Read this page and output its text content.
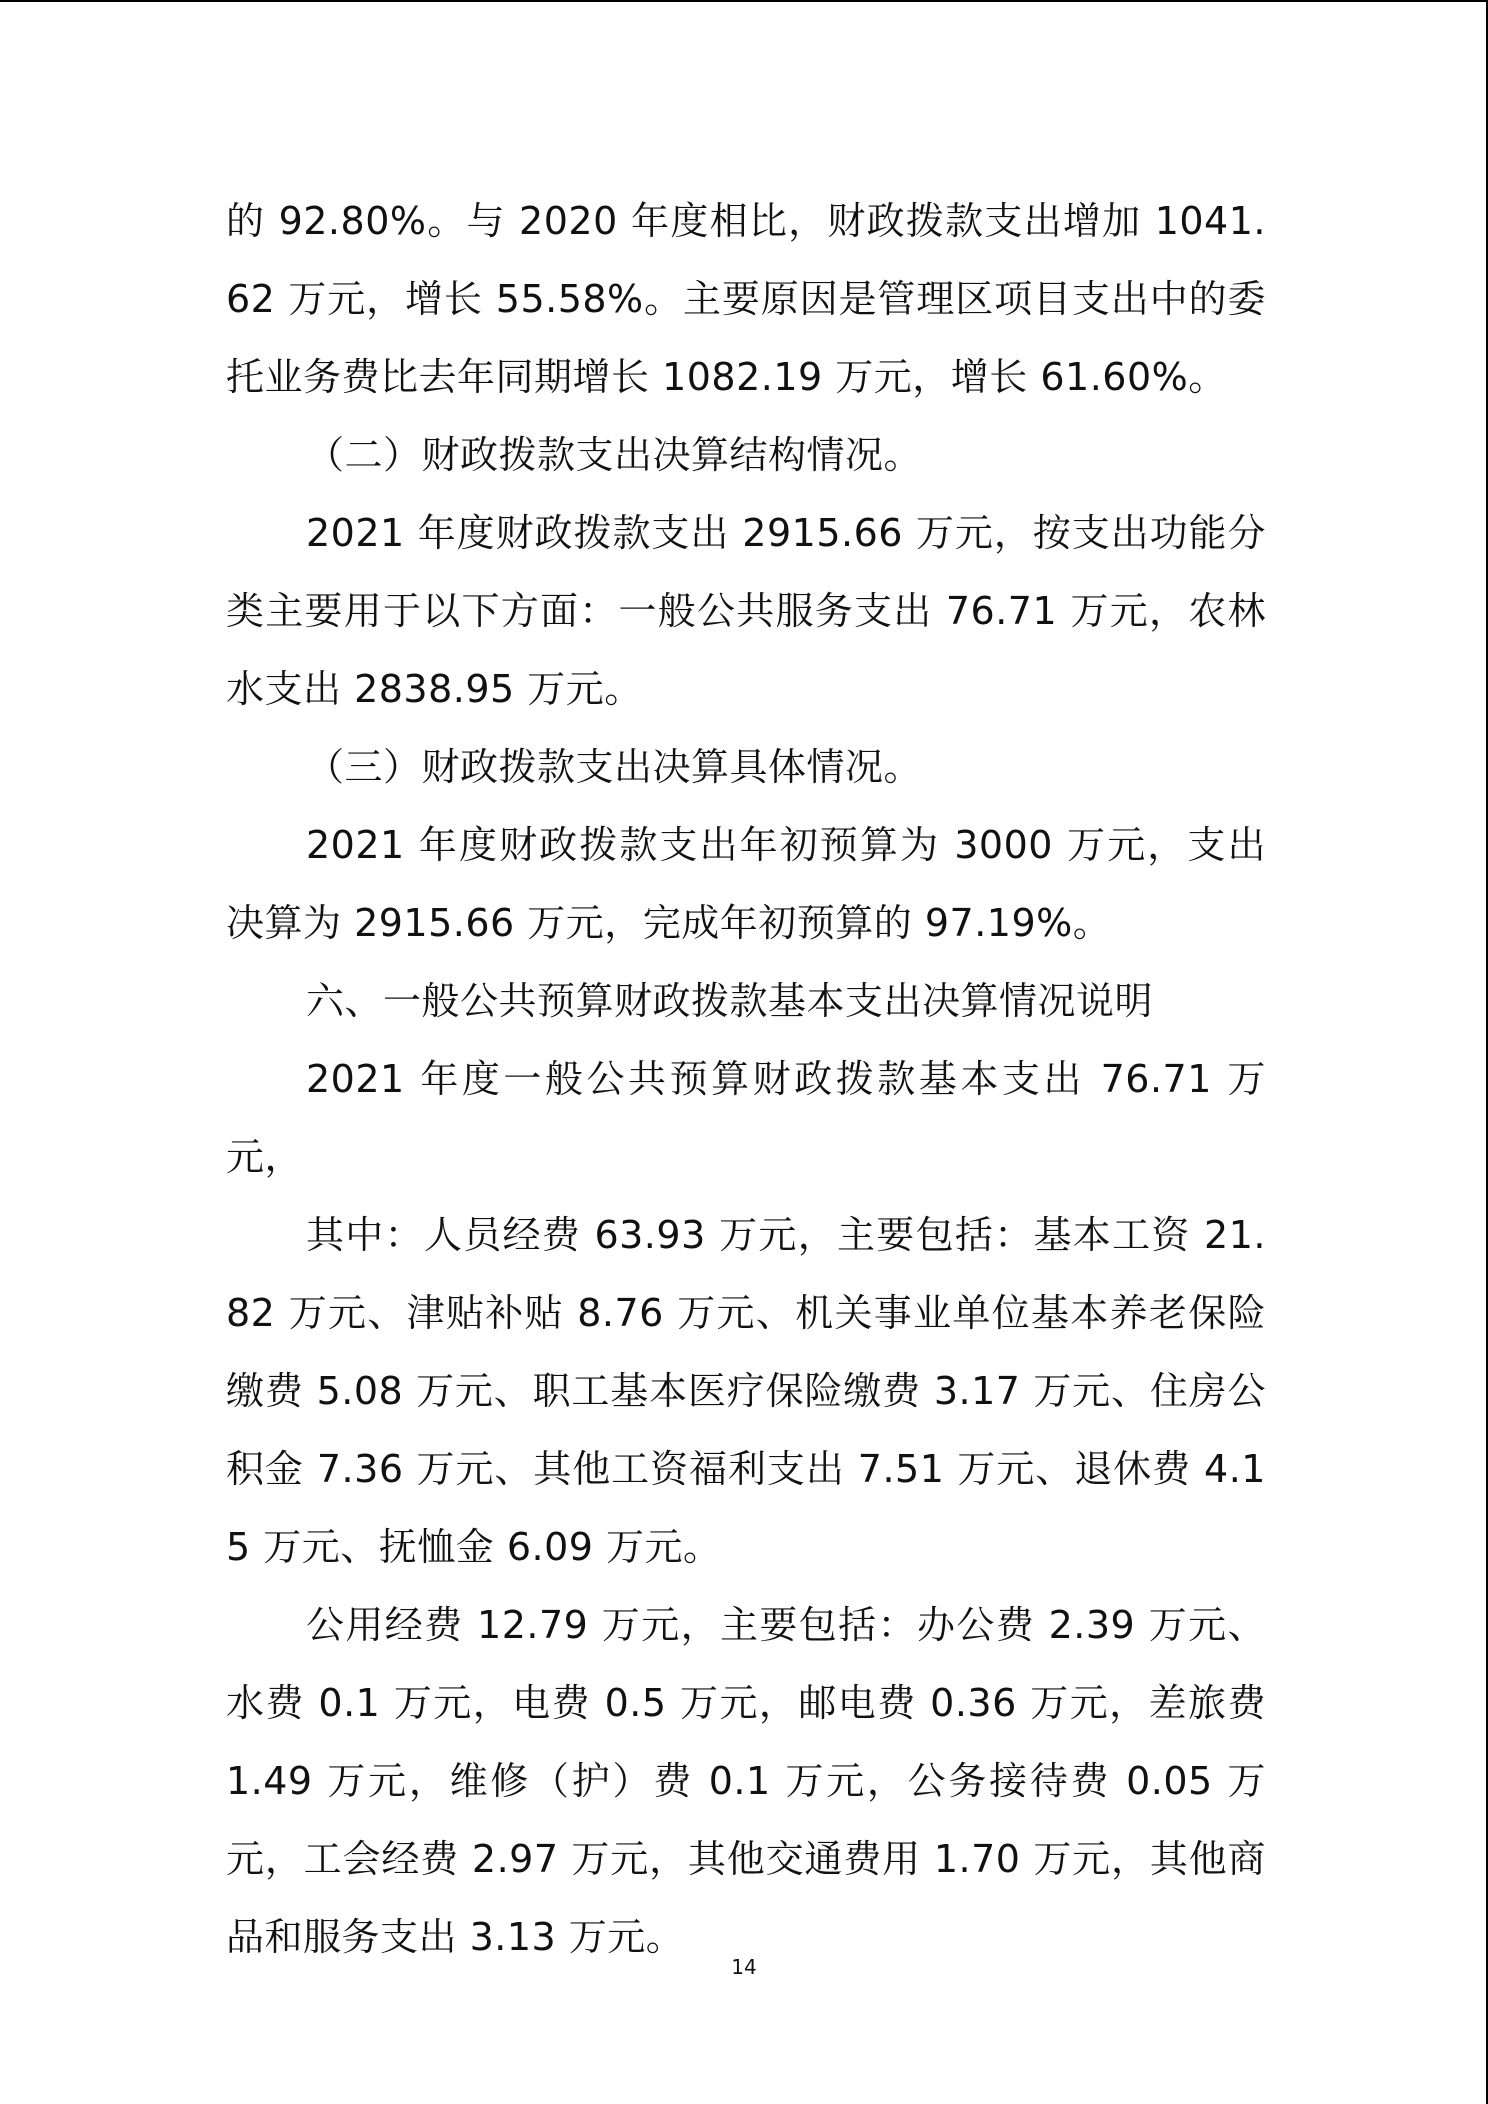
的 92.80%。与 2020 年度相比，财政拨款支出增加 1041.62 万元，增长 55.58%。主要原因是管理区项目支出中的委托业务费比去年同期增长 1082.19 万元，增长 61.60%。

（二）财政拨款支出决算结构情况。

2021 年度财政拨款支出 2915.66 万元，按支出功能分类主要用于以下方面：一般公共服务支出 76.71 万元，农林水支出 2838.95 万元。

（三）财政拨款支出决算具体情况。

2021 年度财政拨款支出年初预算为 3000 万元，支出决算为 2915.66 万元，完成年初预算的 97.19%。

六、一般公共预算财政拨款基本支出决算情况说明

2021 年度一般公共预算财政拨款基本支出 76.71 万元，

其中：人员经费 63.93 万元，主要包括：基本工资 21.82 万元、津贴补贴 8.76 万元、机关事业单位基本养老保险缴费 5.08 万元、职工基本医疗保险缴费 3.17 万元、住房公积金 7.36 万元、其他工资福利支出 7.51 万元、退休费 4.15 万元、抚恤金 6.09 万元。

公用经费 12.79 万元，主要包括：办公费 2.39 万元、 水费 0.1 万元，电费 0.5 万元，邮电费 0.36 万元，差旅费 1.49 万元，维修（护）费 0.1 万元，公务接待费 0.05 万元，工会经费 2.97 万元，其他交通费用 1.70 万元，其他商品和服务支出 3.13 万元。

14
